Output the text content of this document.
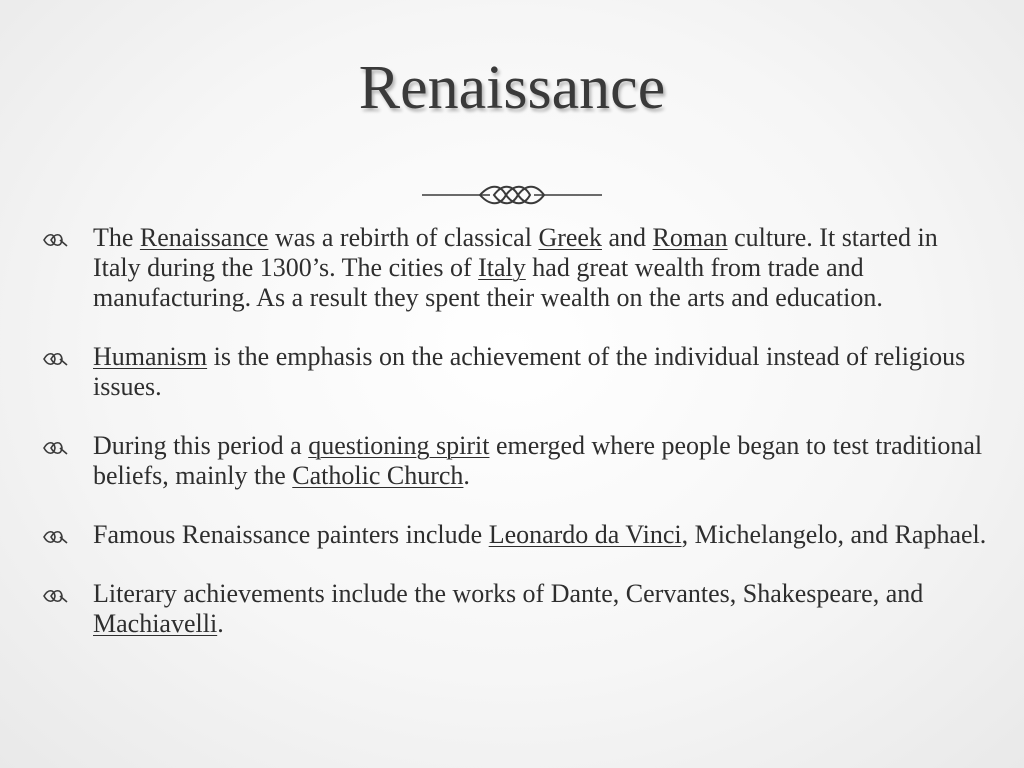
Renaissance
The Renaissance was a rebirth of classical Greek and Roman culture. It started in Italy during the 1300’s. The cities of Italy had great wealth from trade and manufacturing. As a result they spent their wealth on the arts and education.
Humanism is the emphasis on the achievement of the individual instead of religious issues.
During this period a questioning spirit emerged where people began to test traditional beliefs, mainly the Catholic Church.
Famous Renaissance painters include Leonardo da Vinci, Michelangelo, and Raphael.
Literary achievements include the works of Dante, Cervantes, Shakespeare, and Machiavelli.
